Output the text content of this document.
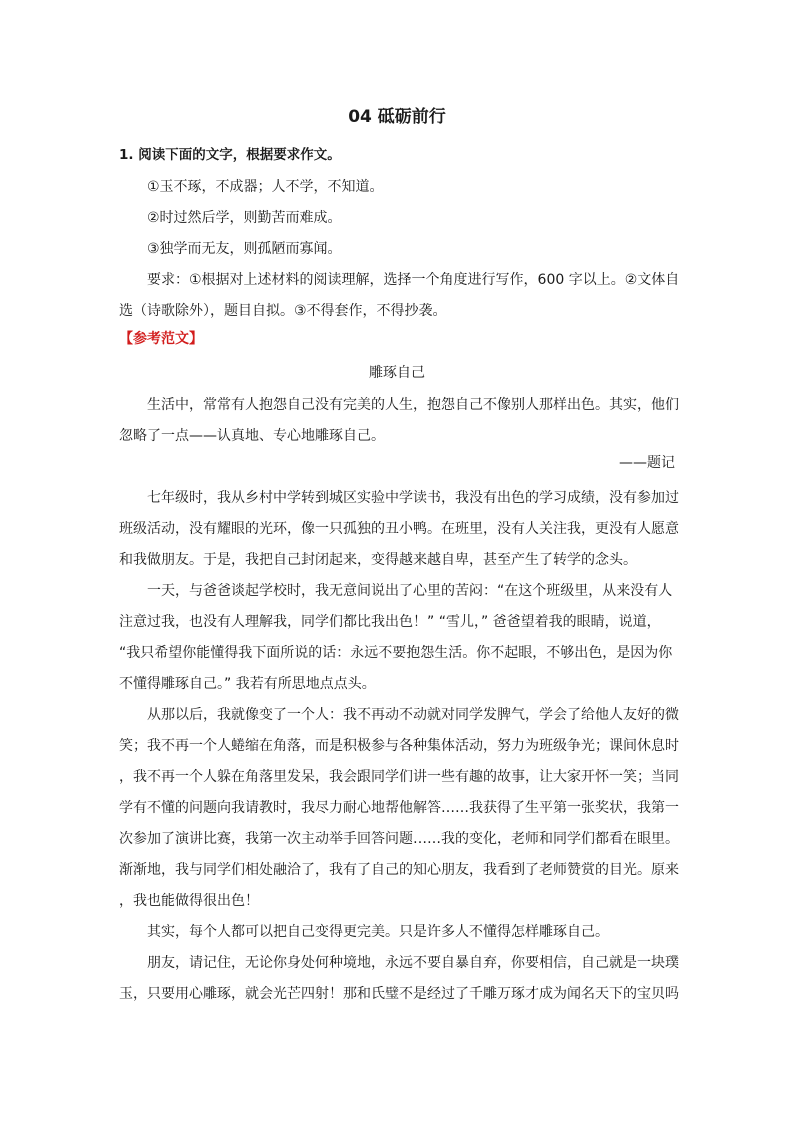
04 砥砺前行
1. 阅读下面的文字，根据要求作文。
①玉不琢，不成器；人不学，不知道。
②时过然后学，则勤苦而难成。
③独学而无友，则孤陋而寡闻。
要求：①根据对上述材料的阅读理解，选择一个角度进行写作，600 字以上。②文体自
选（诗歌除外），题目自拟。③不得套作，不得抄袭。
【参考范文】
雕琢自己
生活中，常常有人抱怨自己没有完美的人生，抱怨自己不像别人那样出色。其实，他们
忽略了一点——认真地、专心地雕琢自己。
——题记
七年级时，我从乡村中学转到城区实验中学读书，我没有出色的学习成绩，没有参加过
班级活动，没有耀眼的光环，像一只孤独的丑小鸭。在班里，没有人关注我，更没有人愿意
和我做朋友。于是，我把自己封闭起来，变得越来越自卑，甚至产生了转学的念头。
一天，与爸爸谈起学校时，我无意间说出了心里的苦闷：“在这个班级里，从来没有人
注意过我，也没有人理解我，同学们都比我出色！” “雪儿，” 爸爸望着我的眼睛，说道，
“我只希望你能懂得我下面所说的话：永远不要抱怨生活。你不起眼，不够出色，是因为你
不懂得雕琢自己。” 我若有所思地点点头。
从那以后，我就像变了一个人：我不再动不动就对同学发脾气，学会了给他人友好的微
笑；我不再一个人蜷缩在角落，而是积极参与各种集体活动，努力为班级争光；课间休息时
，我不再一个人躲在角落里发呆，我会跟同学们讲一些有趣的故事，让大家开怀一笑；当同
学有不懂的问题向我请教时，我尽力耐心地帮他解答……我获得了生平第一张奖状，我第一
次参加了演讲比赛，我第一次主动举手回答问题……我的变化，老师和同学们都看在眼里。
渐渐地，我与同学们相处融洽了，我有了自己的知心朋友，我看到了老师赞赏的目光。原来
，我也能做得很出色！
其实，每个人都可以把自己变得更完美。只是许多人不懂得怎样雕琢自己。
朋友，请记住，无论你身处何种境地，永远不要自暴自弃，你要相信，自己就是一块璞
玉，只要用心雕琢，就会光芒四射！那和氏璧不是经过了千雕万琢才成为闻名天下的宝贝吗
